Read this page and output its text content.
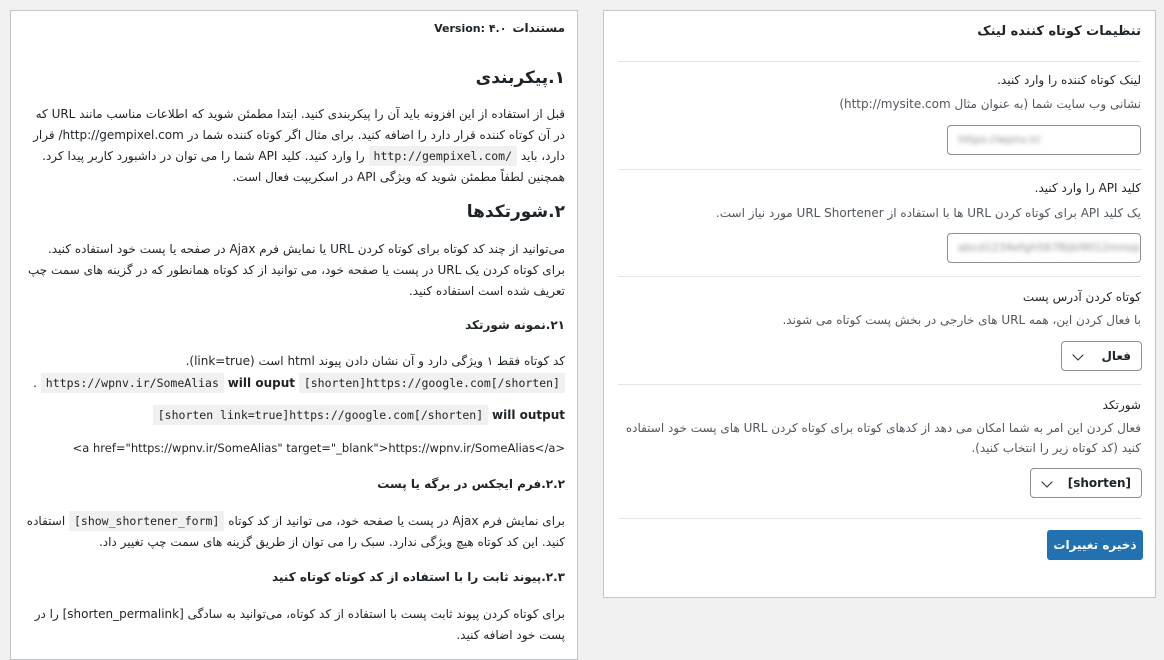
مستنداتVersion: ۴.۰
۱.پیکربندی
قبل از استفاده از این افزونه باید آن را پیکربندی کنید. ابتدا مطمئن شوید که اطلاعات مناسب مانند URL که در آن کوتاه کننده قرار دارد را اضافه کنید. برای مثال اگر کوتاه کننده شما در http://gempixel.com/ قرار دارد، باید http://gempixel.com/ را وارد کنید. کلید API شما را می توان در داشبورد کاربر پیدا کرد. همچنین لطفاً مطمئن شوید که ویژگی API در اسکریپت فعال است.
۲.شورتکدها
می‌توانید از چند کد کوتاه برای کوتاه کردن URL یا نمایش فرم Ajax در صفحه یا پست خود استفاده کنید. برای کوتاه کردن یک URL در پست یا صفحه خود، می توانید از کد کوتاه همانطور که در گزینه های سمت چپ تعریف شده است استفاده کنید.
۲۱.نمونه شورتکد
کد کوتاه فقط ۱ ویژگی دارد و آن نشان دادن پیوند html است (link=true).
[shorten]https://google.com[/shorten] will ouput https://wpnv.ir/SomeAlias .
will output [shorten link=true]https://google.com[/shorten]
<a href="https://wpnv.ir/SomeAlias" target="_blank">https://wpnv.ir/SomeAlias</a>
۲.۲.فرم ایجکس در برگه یا پست
برای نمایش فرم Ajax در پست یا صفحه خود، می توانید از کد کوتاه [show_shortener_form] استفاده کنید. این کد کوتاه هیچ ویژگی ندارد. سبک را می توان از طریق گزینه های سمت چپ تغییر داد.
۲.۳.پیوند ثابت را با استفاده از کد کوتاه کوتاه کنید
برای کوتاه کردن پیوند ثابت پست با استفاده از کد کوتاه، می‌توانید به سادگی [shorten_permalink] را در پست خود اضافه کنید.
تنظیمات کوتاه کننده لینک
لینک کوتاه کننده را وارد کنید.
نشانی وب سایت شما (به عنوان مثال http://mysite.com)
https://wpnv.ir/
کلید API را وارد کنید.
یک کلید API برای کوتاه کردن URL ها با استفاده از URL Shortener مورد نیاز است.
abcd1234efgh5678ijkl9012mnop
کوتاه کردن آدرس پست
با فعال کردن این، همه URL های خارجی در بخش پست کوتاه می شوند.
فعال
شورتکد
فعال کردن این امر به شما امکان می دهد از کدهای کوتاه برای کوتاه کردن URL های پست خود استفاده کنید (کد کوتاه زیر را انتخاب کنید).
[shorten]
ذخیره تغییرات
